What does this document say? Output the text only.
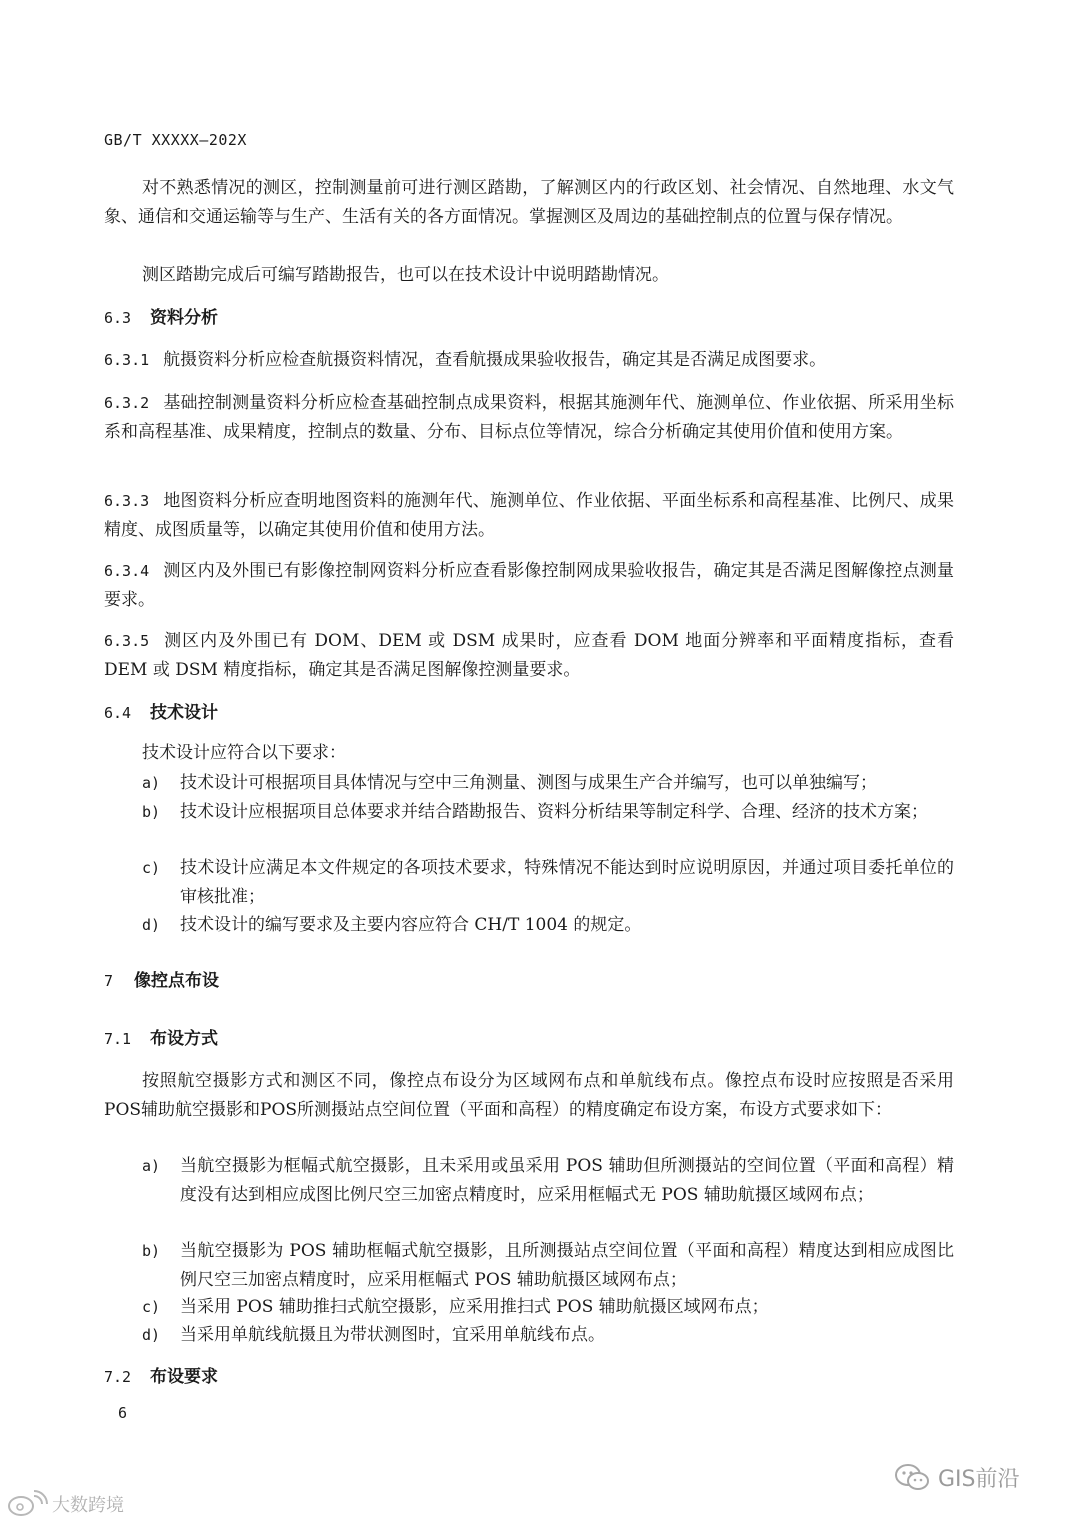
GB/T XXXXX—202X
对不熟悉情况的测区，控制测量前可进行测区踏勘，了解测区内的行政区划、社会情况、自然地理、水文气象、通信和交通运输等与生产、生活有关的各方面情况。掌握测区及周边的基础控制点的位置与保存情况。
测区踏勘完成后可编写踏勘报告，也可以在技术设计中说明踏勘情况。
6.3 资料分析
6.3.1 航摄资料分析应检查航摄资料情况，查看航摄成果验收报告，确定其是否满足成图要求。
6.3.2 基础控制测量资料分析应检查基础控制点成果资料，根据其施测年代、施测单位、作业依据、所采用坐标系和高程基准、成果精度，控制点的数量、分布、目标点位等情况，综合分析确定其使用价值和使用方案。
6.3.3 地图资料分析应查明地图资料的施测年代、施测单位、作业依据、平面坐标系和高程基准、比例尺、成果精度、成图质量等，以确定其使用价值和使用方法。
6.3.4 测区内及外围已有影像控制网资料分析应查看影像控制网成果验收报告，确定其是否满足图解像控点测量要求。
6.3.5 测区内及外围已有 DOM、DEM 或 DSM 成果时，应查看 DOM 地面分辨率和平面精度指标，查看 DEM 或 DSM 精度指标，确定其是否满足图解像控测量要求。
6.4 技术设计
技术设计应符合以下要求：
a)	技术设计可根据项目具体情况与空中三角测量、测图与成果生产合并编写，也可以单独编写；
b)	技术设计应根据项目总体要求并结合踏勘报告、资料分析结果等制定科学、合理、经济的技术方案；
c)	技术设计应满足本文件规定的各项技术要求，特殊情况不能达到时应说明原因，并通过项目委托单位的审核批准；
d)	技术设计的编写要求及主要内容应符合 CH/T 1004 的规定。
7 像控点布设
7.1 布设方式
按照航空摄影方式和测区不同，像控点布设分为区域网布点和单航线布点。像控点布设时应按照是否采用POS辅助航空摄影和POS所测摄站点空间位置（平面和高程）的精度确定布设方案，布设方式要求如下：
a)	当航空摄影为框幅式航空摄影，且未采用或虽采用 POS 辅助但所测摄站的空间位置（平面和高程）精度没有达到相应成图比例尺空三加密点精度时，应采用框幅式无 POS 辅助航摄区域网布点；
b)	当航空摄影为 POS 辅助框幅式航空摄影，且所测摄站点空间位置（平面和高程）精度达到相应成图比例尺空三加密点精度时，应采用框幅式 POS 辅助航摄区域网布点；
c)	当采用 POS 辅助推扫式航空摄影，应采用推扫式 POS 辅助航摄区域网布点；
d)	当采用单航线航摄且为带状测图时，宜采用单航线布点。
7.2 布设要求
6
GIS前沿
大数跨境
